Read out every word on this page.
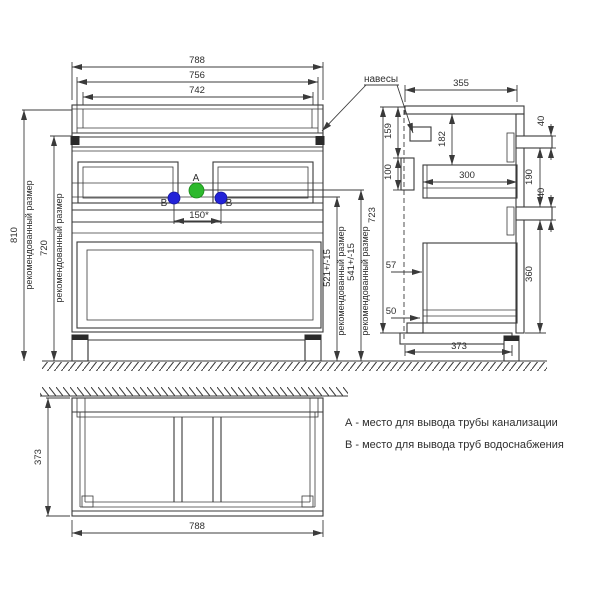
788
756
742
810 рекомендованный размер 720 рекомендованный размер	521+/-15 рекомендованный размер 541+/-15 рекомендованный размер
723
150*
A
B	B
навесы	355
159
100
182
300
40
190
40
360
57
50
373
373
788
А - место для вывода трубы канализации
В - место для вывода труб водоснабжения
